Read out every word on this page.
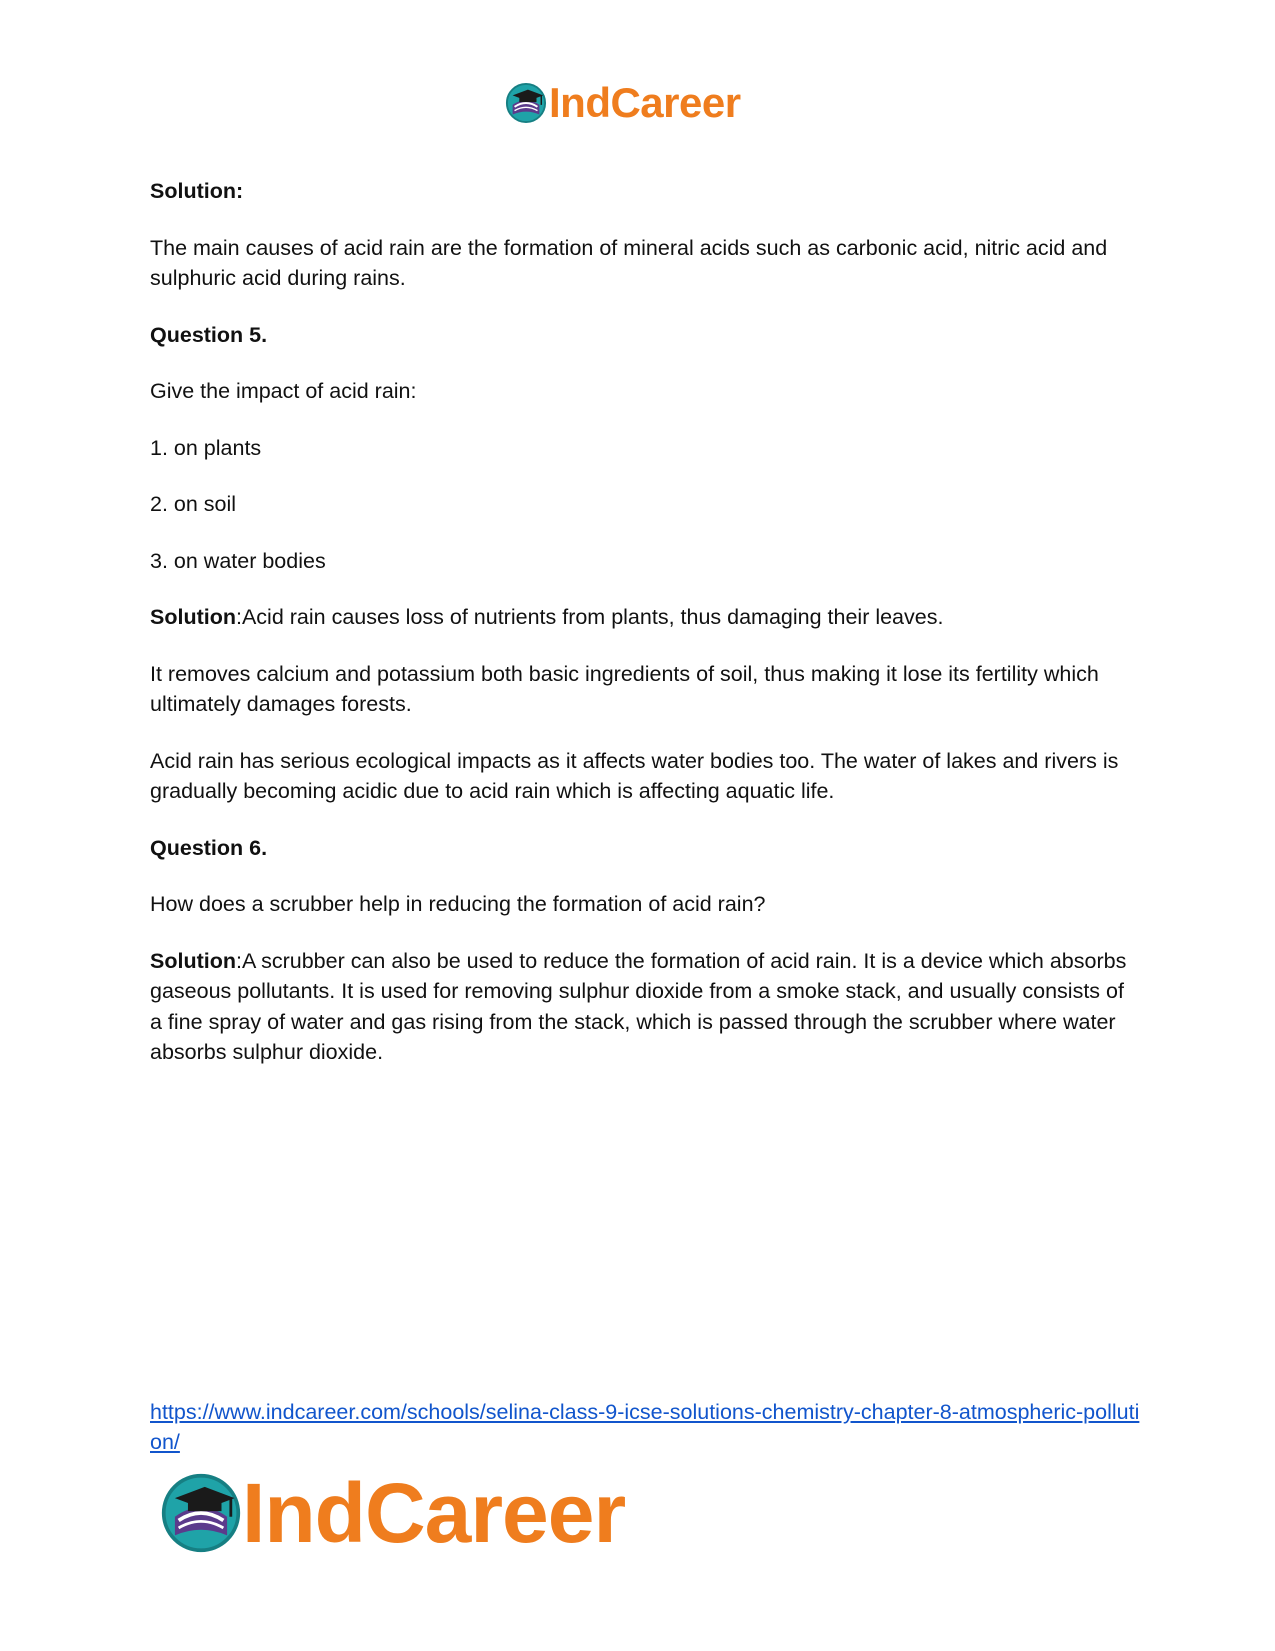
IndCareer

Solution:

The main causes of acid rain are the formation of mineral acids such as carbonic acid, nitric acid and sulphuric acid during rains.

Question 5.

Give the impact of acid rain:

1. on plants

2. on soil

3. on water bodies

Solution:Acid rain causes loss of nutrients from plants, thus damaging their leaves.

It removes calcium and potassium both basic ingredients of soil, thus making it lose its fertility which ultimately damages forests.

Acid rain has serious ecological impacts as it affects water bodies too. The water of lakes and rivers is gradually becoming acidic due to acid rain which is affecting aquatic life.

Question 6.

How does a scrubber help in reducing the formation of acid rain?

Solution:A scrubber can also be used to reduce the formation of acid rain. It is a device which absorbs gaseous pollutants. It is used for removing sulphur dioxide from a smoke stack, and usually consists of a fine spray of water and gas rising from the stack, which is passed through the scrubber where water absorbs sulphur dioxide.

https://www.indcareer.com/schools/selina-class-9-icse-solutions-chemistry-chapter-8-atmospheric-pollution/
IndCareer
